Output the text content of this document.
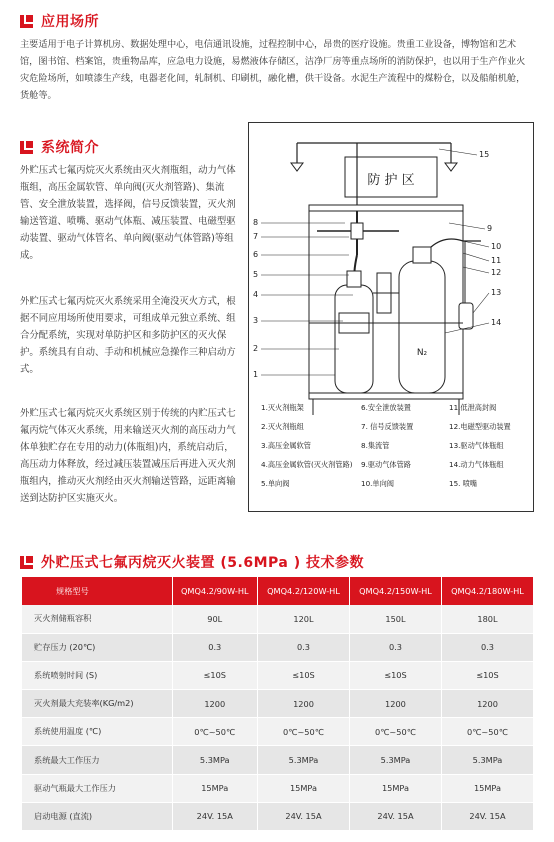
应用场所
主要适用于电子计算机房、数据处理中心，电信通讯设施，过程控制中心，昂贵的医疗设施。贵重工业设备，博物馆和艺术馆，图书馆、档案馆，贵重物品库，应急电力设施，易燃液体存储区，洁净厂房等重点场所的消防保护，也以用于生产作业火灾危险场所，如喷漆生产线，电器老化间，轧制机、印刷机，融化槽，供干设备。水泥生产流程中的煤粉仓，以及船舶机舱，货舱等。
系统简介
外贮压式七氟丙烷灭火系统由灭火剂瓶组，动力气体瓶组，高压金属软管、单向阀(灭火剂管路)、集流管、安全泄放装置，选择阀，信号反馈装置，灭火剂输送管道、喷嘴、驱动气体瓶、减压装置、电磁型驱动装置、驱动气体管名、单向阀(驱动气体管路)等组成。
外贮压式七氟丙烷灭火系统采用全淹没灭火方式，根据不同应用场所使用要求，可组成单元独立系统、组合分配系统，实现对单防护区和多防护区的灭火保护。系统具有自动、手动和机械应急操作三种启动方式。
外贮压式七氟丙烷灭火系统区别于传统的内贮压式七氟丙烷气体灭火系统，用来输送灭火剂的高压动力气体单独贮存在专用的动力(体瓶组)内，系统启动后，高压动力体释放，经过减压装置减压后再进入灭火剂瓶组内，推动灭火剂经由灭火剂输送管路，远距离输送到达防护区实施灭火。
防 护 区
N₂
1
2
3
4
5
6
7
8
9
10
11
12
13
14
15
1.灭火剂瓶架	6.安全泄放装置	11.低泄高封阀
2.灭火剂瓶组	7. 信号反馈装置	12.电磁型驱动装置
3.高压金属软管	8.集流管	13.驱动气体瓶组
4.高压金属软管(灭火剂管路)	9.驱动气体管路	14.动力气体瓶组
5.单向阀	10.单向阀	15. 喷嘴
外贮压式七氟丙烷灭火装置 (5.6MPa ) 技术参数
规格型号	QMQ4.2/90W-HL	QMQ4.2/120W-HL	QMQ4.2/150W-HL	QMQ4.2/180W-HL
灭火剂储瓶容积	90L	120L	150L	180L
贮存压力 (20℃)	0.3	0.3	0.3	0.3
系统喷射时间 (S)	≤10S	≤10S	≤10S	≤10S
灭火剂最大充装率(KG/m2)	1200	1200	1200	1200
系统使用温度 (℃)	0℃~50℃	0℃~50℃	0℃~50℃	0℃~50℃
系统最大工作压力	5.3MPa	5.3MPa	5.3MPa	5.3MPa
驱动气瓶最大工作压力	15MPa	15MPa	15MPa	15MPa
启动电源 (直流)	24V. 15A	24V. 15A	24V. 15A	24V. 15A
